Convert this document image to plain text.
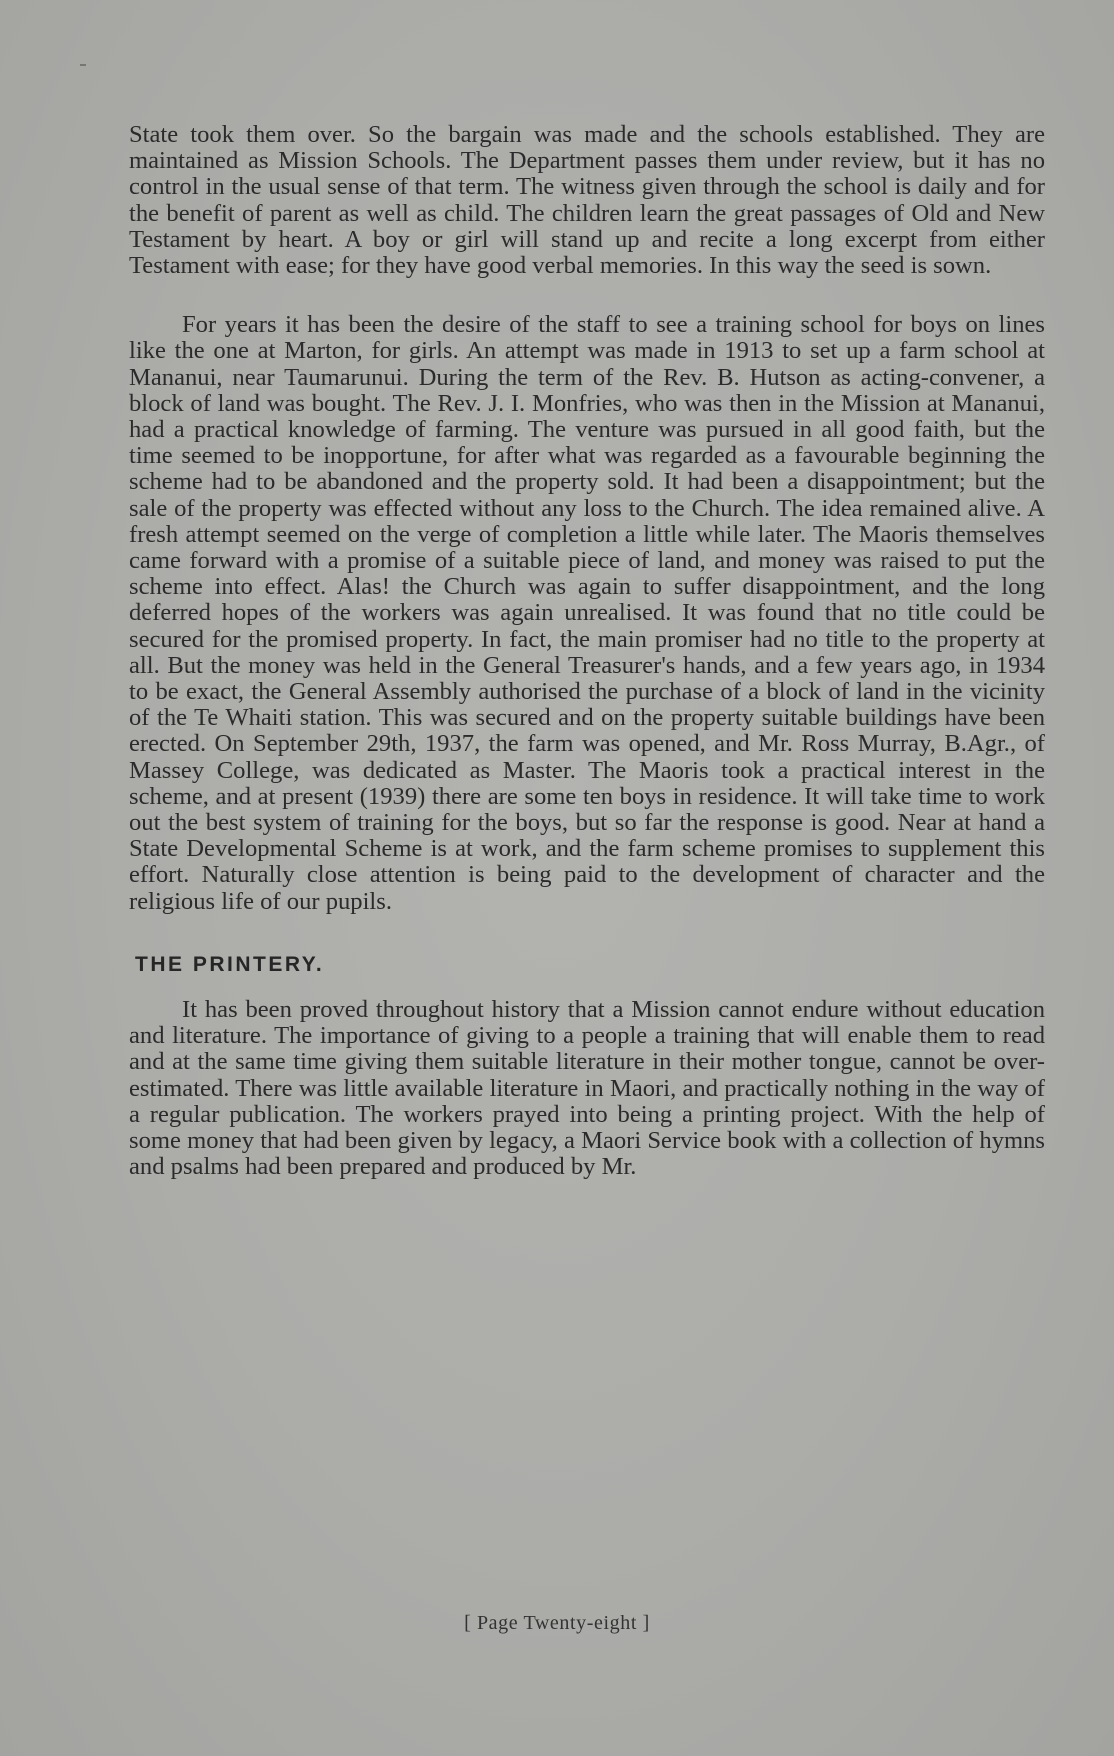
State took them over. So the bargain was made and the schools established. They are maintained as Mission Schools. The Department passes them under review, but it has no control in the usual sense of that term. The witness given through the school is daily and for the benefit of parent as well as child. The children learn the great passages of Old and New Testament by heart. A boy or girl will stand up and recite a long excerpt from either Testament with ease; for they have good verbal memories. In this way the seed is sown.

For years it has been the desire of the staff to see a training school for boys on lines like the one at Marton, for girls. An attempt was made in 1913 to set up a farm school at Mananui, near Taumarunui. During the term of the Rev. B. Hutson as acting-convener, a block of land was bought. The Rev. J. I. Monfries, who was then in the Mission at Mananui, had a practical knowledge of farming. The venture was pursued in all good faith, but the time seemed to be inopportune, for after what was regarded as a favourable beginning the scheme had to be abandoned and the property sold. It had been a disappointment; but the sale of the property was effected without any loss to the Church. The idea remained alive. A fresh attempt seemed on the verge of completion a little while later. The Maoris themselves came forward with a promise of a suitable piece of land, and money was raised to put the scheme into effect. Alas! the Church was again to suffer disappointment, and the long deferred hopes of the workers was again unrealised. It was found that no title could be secured for the promised property. In fact, the main promiser had no title to the property at all. But the money was held in the General Treasurer's hands, and a few years ago, in 1934 to be exact, the General Assembly authorised the purchase of a block of land in the vicinity of the Te Whaiti station. This was secured and on the property suitable buildings have been erected. On September 29th, 1937, the farm was opened, and Mr. Ross Murray, B.Agr., of Massey College, was dedicated as Master. The Maoris took a practical interest in the scheme, and at present (1939) there are some ten boys in residence. It will take time to work out the best system of training for the boys, but so far the response is good. Near at hand a State Developmental Scheme is at work, and the farm scheme promises to supplement this effort. Naturally close attention is being paid to the development of character and the religious life of our pupils.

THE PRINTERY.

It has been proved throughout history that a Mission cannot endure without education and literature. The importance of giving to a people a training that will enable them to read and at the same time giving them suitable literature in their mother tongue, cannot be over-estimated. There was little available literature in Maori, and practically nothing in the way of a regular publication. The workers prayed into being a printing project. With the help of some money that had been given by legacy, a Maori Service book with a collection of hymns and psalms had been prepared and produced by Mr.

[ Page Twenty-eight ]
